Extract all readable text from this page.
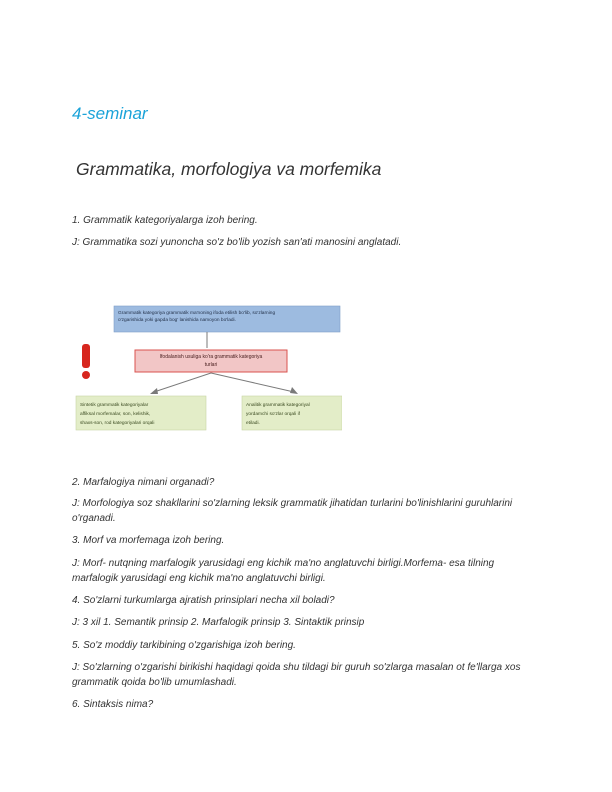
4-seminar
Grammatika, morfologiya va morfemika

1. Grammatik kategoriyalarga izoh bering.

J: Grammatika sozi yunoncha so'z bo'lib yozish san'ati manosini anglatadi.

Grammatik kategoriya grammatik ma'noning ifoda etilish bo'lib, so'zlarning
o'zgarishida yoki gapda bog' lanishida namoyon bo'ladi.
Ifodalanish usuliga ko'ra grammatik kategoriya
turlari
Sintetik grammatik kategoriyalar
affiksal morfemalar, son, kelishik,
shaxs-son, rod kategoriyalari orqali
Analitik grammatik kategoriyal
yordamchi so'zlar orqali if
etiladi.

2. Marfalogiya nimani organadi?

J: Morfologiya soz shakllarini so'zlarning leksik grammatik jihatidan turlarini bo'linishlarini guruhlarini o'rganadi.

3. Morf va morfemaga izoh bering.

J: Morf- nutqning marfalogik yarusidagi eng kichik ma'no anglatuvchi birligi.Morfema- esa tilning marfalogik yarusidagi eng kichik ma'no anglatuvchi birligi.

4. So'zlarni turkumlarga ajratish prinsiplari necha xil boladi?

J: 3 xil 1. Semantik prinsip 2. Marfalogik prinsip 3. Sintaktik prinsip

5. So'z moddiy tarkibining o'zgarishiga izoh bering.

J: So'zlarning o'zgarishi birikishi haqidagi qoida shu tildagi bir guruh so'zlarga masalan ot fe'llarga xos grammatik qoida bo'lib umumlashadi.

6. Sintaksis nima?
